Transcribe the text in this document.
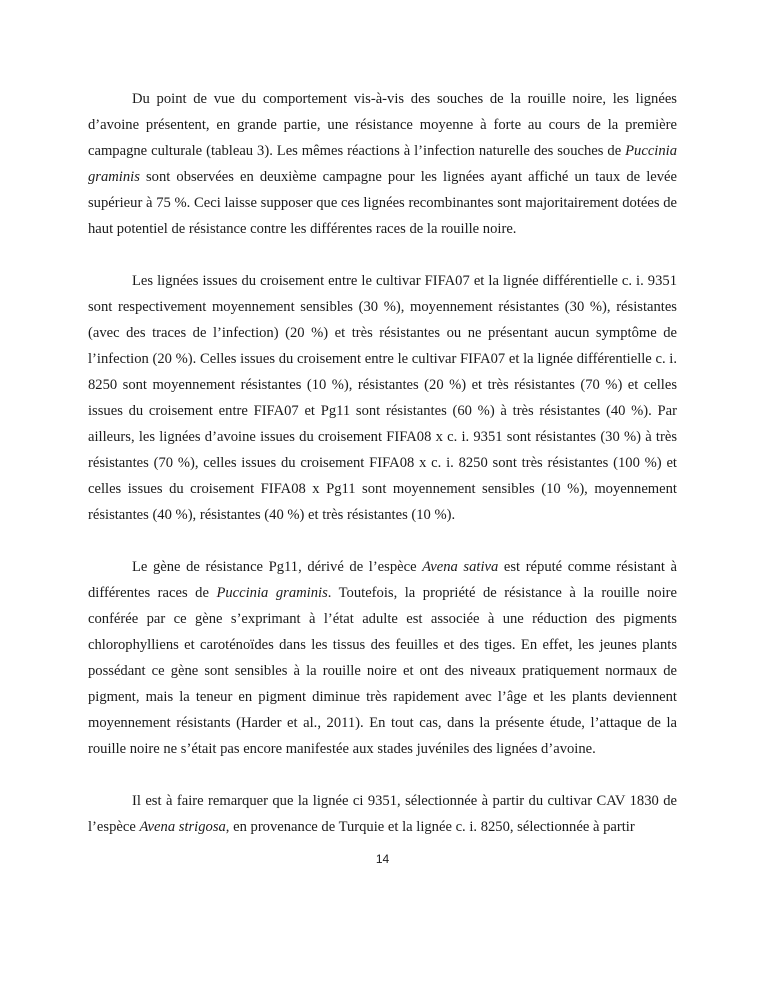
Du point de vue du comportement vis-à-vis des souches de la rouille noire, les lignées d’avoine présentent, en grande partie, une résistance moyenne à forte au cours de la première campagne culturale (tableau 3). Les mêmes réactions à l’infection naturelle des souches de Puccinia graminis sont observées en deuxième campagne pour les lignées ayant affiché un taux de levée supérieur à 75 %. Ceci laisse supposer que ces lignées recombinantes sont majoritairement dotées de haut potentiel de résistance contre les différentes races de la rouille noire.

Les lignées issues du croisement entre le cultivar FIFA07 et la lignée différentielle c. i. 9351 sont respectivement moyennement sensibles (30 %), moyennement résistantes (30 %), résistantes (avec des traces de l’infection) (20 %) et très résistantes ou ne présentant aucun symptôme de l’infection (20 %). Celles issues du croisement entre le cultivar FIFA07 et la lignée différentielle c. i. 8250 sont moyennement résistantes (10 %), résistantes (20 %) et très résistantes (70 %) et celles issues du croisement entre FIFA07 et Pg11 sont résistantes (60 %) à très résistantes (40 %). Par ailleurs, les lignées d’avoine issues du croisement FIFA08 x c. i. 9351 sont résistantes (30 %) à très résistantes (70 %), celles issues du croisement FIFA08 x c. i. 8250 sont très résistantes (100 %) et celles issues du croisement FIFA08 x Pg11 sont moyennement sensibles (10 %), moyennement résistantes (40 %), résistantes (40 %) et très résistantes (10 %).

Le gène de résistance Pg11, dérivé de l’espèce Avena sativa est réputé comme résistant à différentes races de Puccinia graminis. Toutefois, la propriété de résistance à la rouille noire conférée par ce gène s’exprimant à l’état adulte est associée à une réduction des pigments chlorophylliens et caroténoïdes dans les tissus des feuilles et des tiges. En effet, les jeunes plants possédant ce gène sont sensibles à la rouille noire et ont des niveaux pratiquement normaux de pigment, mais la teneur en pigment diminue très rapidement avec l’âge et les plants deviennent moyennement résistants (Harder et al., 2011). En tout cas, dans la présente étude, l’attaque de la rouille noire ne s’était pas encore manifestée aux stades juvéniles des lignées d’avoine.

Il est à faire remarquer que la lignée ci 9351, sélectionnée à partir du cultivar CAV 1830 de l’espèce Avena strigosa, en provenance de Turquie et la lignée c. i. 8250, sélectionnée à partir

14
